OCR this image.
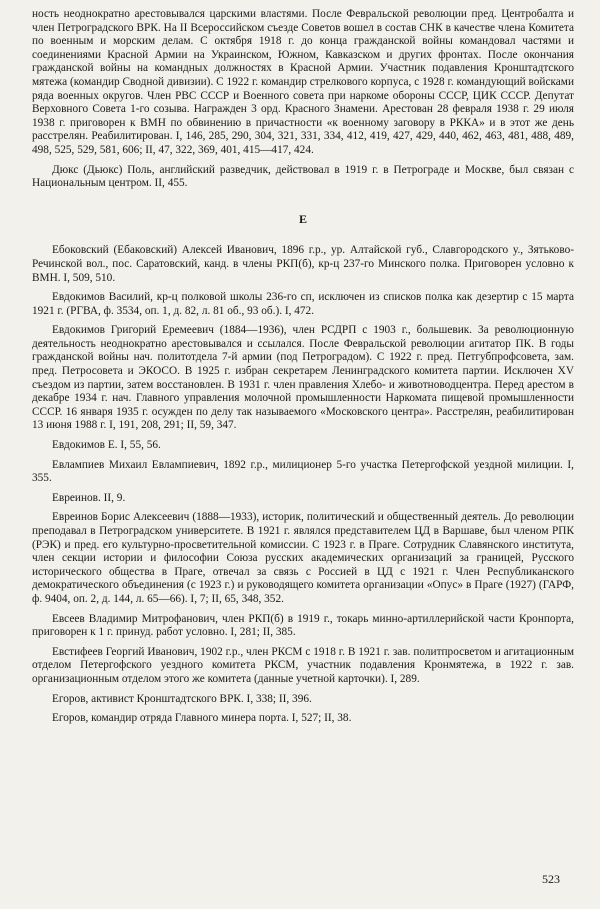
ность неоднократно арестовывался царскими властями. После Февральской революции пред. Центробалта и член Петроградского ВРК. На II Всероссийском съезде Советов вошел в состав СНК в качестве члена Комитета по военным и морским делам. С октября 1918 г. до конца гражданской войны командовал частями и соединениями Красной Армии на Украинском, Южном, Кавказском и других фронтах. После окончания гражданской войны на командных должностях в Красной Армии. Участник подавления Кронштадтского мятежа (командир Сводной дивизии). С 1922 г. командир стрелкового корпуса, с 1928 г. командующий войсками ряда военных округов. Член РВС СССР и Военного совета при наркоме обороны СССР, ЦИК СССР. Депутат Верховного Совета 1-го созыва. Награжден 3 орд. Красного Знамени. Арестован 28 февраля 1938 г. 29 июля 1938 г. приговорен к ВМН по обвинению в причастности «к военному заговору в РККА» и в этот же день расстрелян. Реабилитирован. I, 146, 285, 290, 304, 321, 331, 334, 412, 419, 427, 429, 440, 462, 463, 481, 488, 489, 498, 525, 529, 581, 606; II, 47, 322, 369, 401, 415—417, 424.

Дюкс (Дьюкс) Поль, английский разведчик, действовал в 1919 г. в Петрограде и Москве, был связан с Национальным центром. II, 455.

Е

Ебоковский (Ебаковский) Алексей Иванович, 1896 г.р., ур. Алтайской губ., Славгородского у., Зятьково-Речинской вол., пос. Саратовский, канд. в члены РКП(б), кр-ц 237-го Минского полка. Приговорен условно к ВМН. I, 509, 510.

Евдокимов Василий, кр-ц полковой школы 236-го сп, исключен из списков полка как дезертир с 15 марта 1921 г. (РГВА, ф. 3534, оп. 1, д. 82, л. 81 об., 93 об.). I, 472.

Евдокимов Григорий Еремеевич (1884—1936), член РСДРП с 1903 г., большевик. За революционную деятельность неоднократно арестовывался и ссылался. После Февральской революции агитатор ПК. В годы гражданской войны нач. политотдела 7-й армии (под Петроградом). С 1922 г. пред. Петгубпрофсовета, зам. пред. Петросовета и ЭКОСО. В 1925 г. избран секретарем Ленинградского комитета партии. Исключен XV съездом из партии, затем восстановлен. В 1931 г. член правления Хлебо- и животноводцентра. Перед арестом в декабре 1934 г. нач. Главного управления молочной промышленности Наркомата пищевой промышленности СССР. 16 января 1935 г. осужден по делу так называемого «Московского центра». Расстрелян, реабилитирован 13 июня 1988 г. I, 191, 208, 291; II, 59, 347.

Евдокимов Е. I, 55, 56.

Евлампиев Михаил Евлампиевич, 1892 г.р., милиционер 5-го участка Петергофской уездной милиции. I, 355.

Евреинов. II, 9.

Евреинов Борис Алексеевич (1888—1933), историк, политический и общественный деятель. До революции преподавал в Петроградском университете. В 1921 г. являлся представителем ЦД в Варшаве, был членом РПК (РЭК) и пред. его культурно-просветительной комиссии. С 1923 г. в Праге. Сотрудник Славянского института, член секции истории и философии Союза русских академических организаций за границей, Русского исторического общества в Праге, отвечал за связь с Россией в ЦД с 1921 г. Член Республиканского демократического объединения (с 1923 г.) и руководящего комитета организации «Опус» в Праге (1927) (ГАРФ, ф. 9404, оп. 2, д. 144, л. 65—66). I, 7; II, 65, 348, 352.

Евсеев Владимир Митрофанович, член РКП(б) в 1919 г., токарь минно-артиллерийской части Кронпорта, приговорен к 1 г. принуд. работ условно. I, 281; II, 385.

Евстифеев Георгий Иванович, 1902 г.р., член РКСМ с 1918 г. В 1921 г. зав. политпросветом и агитационным отделом Петергофского уездного комитета РКСМ, участник подавления Кронмятежа, в 1922 г. зав. организационным отделом этого же комитета (данные учетной карточки). I, 289.

Егоров, активист Кронштадтского ВРК. I, 338; II, 396.

Егоров, командир отряда Главного минера порта. I, 527; II, 38.

523
